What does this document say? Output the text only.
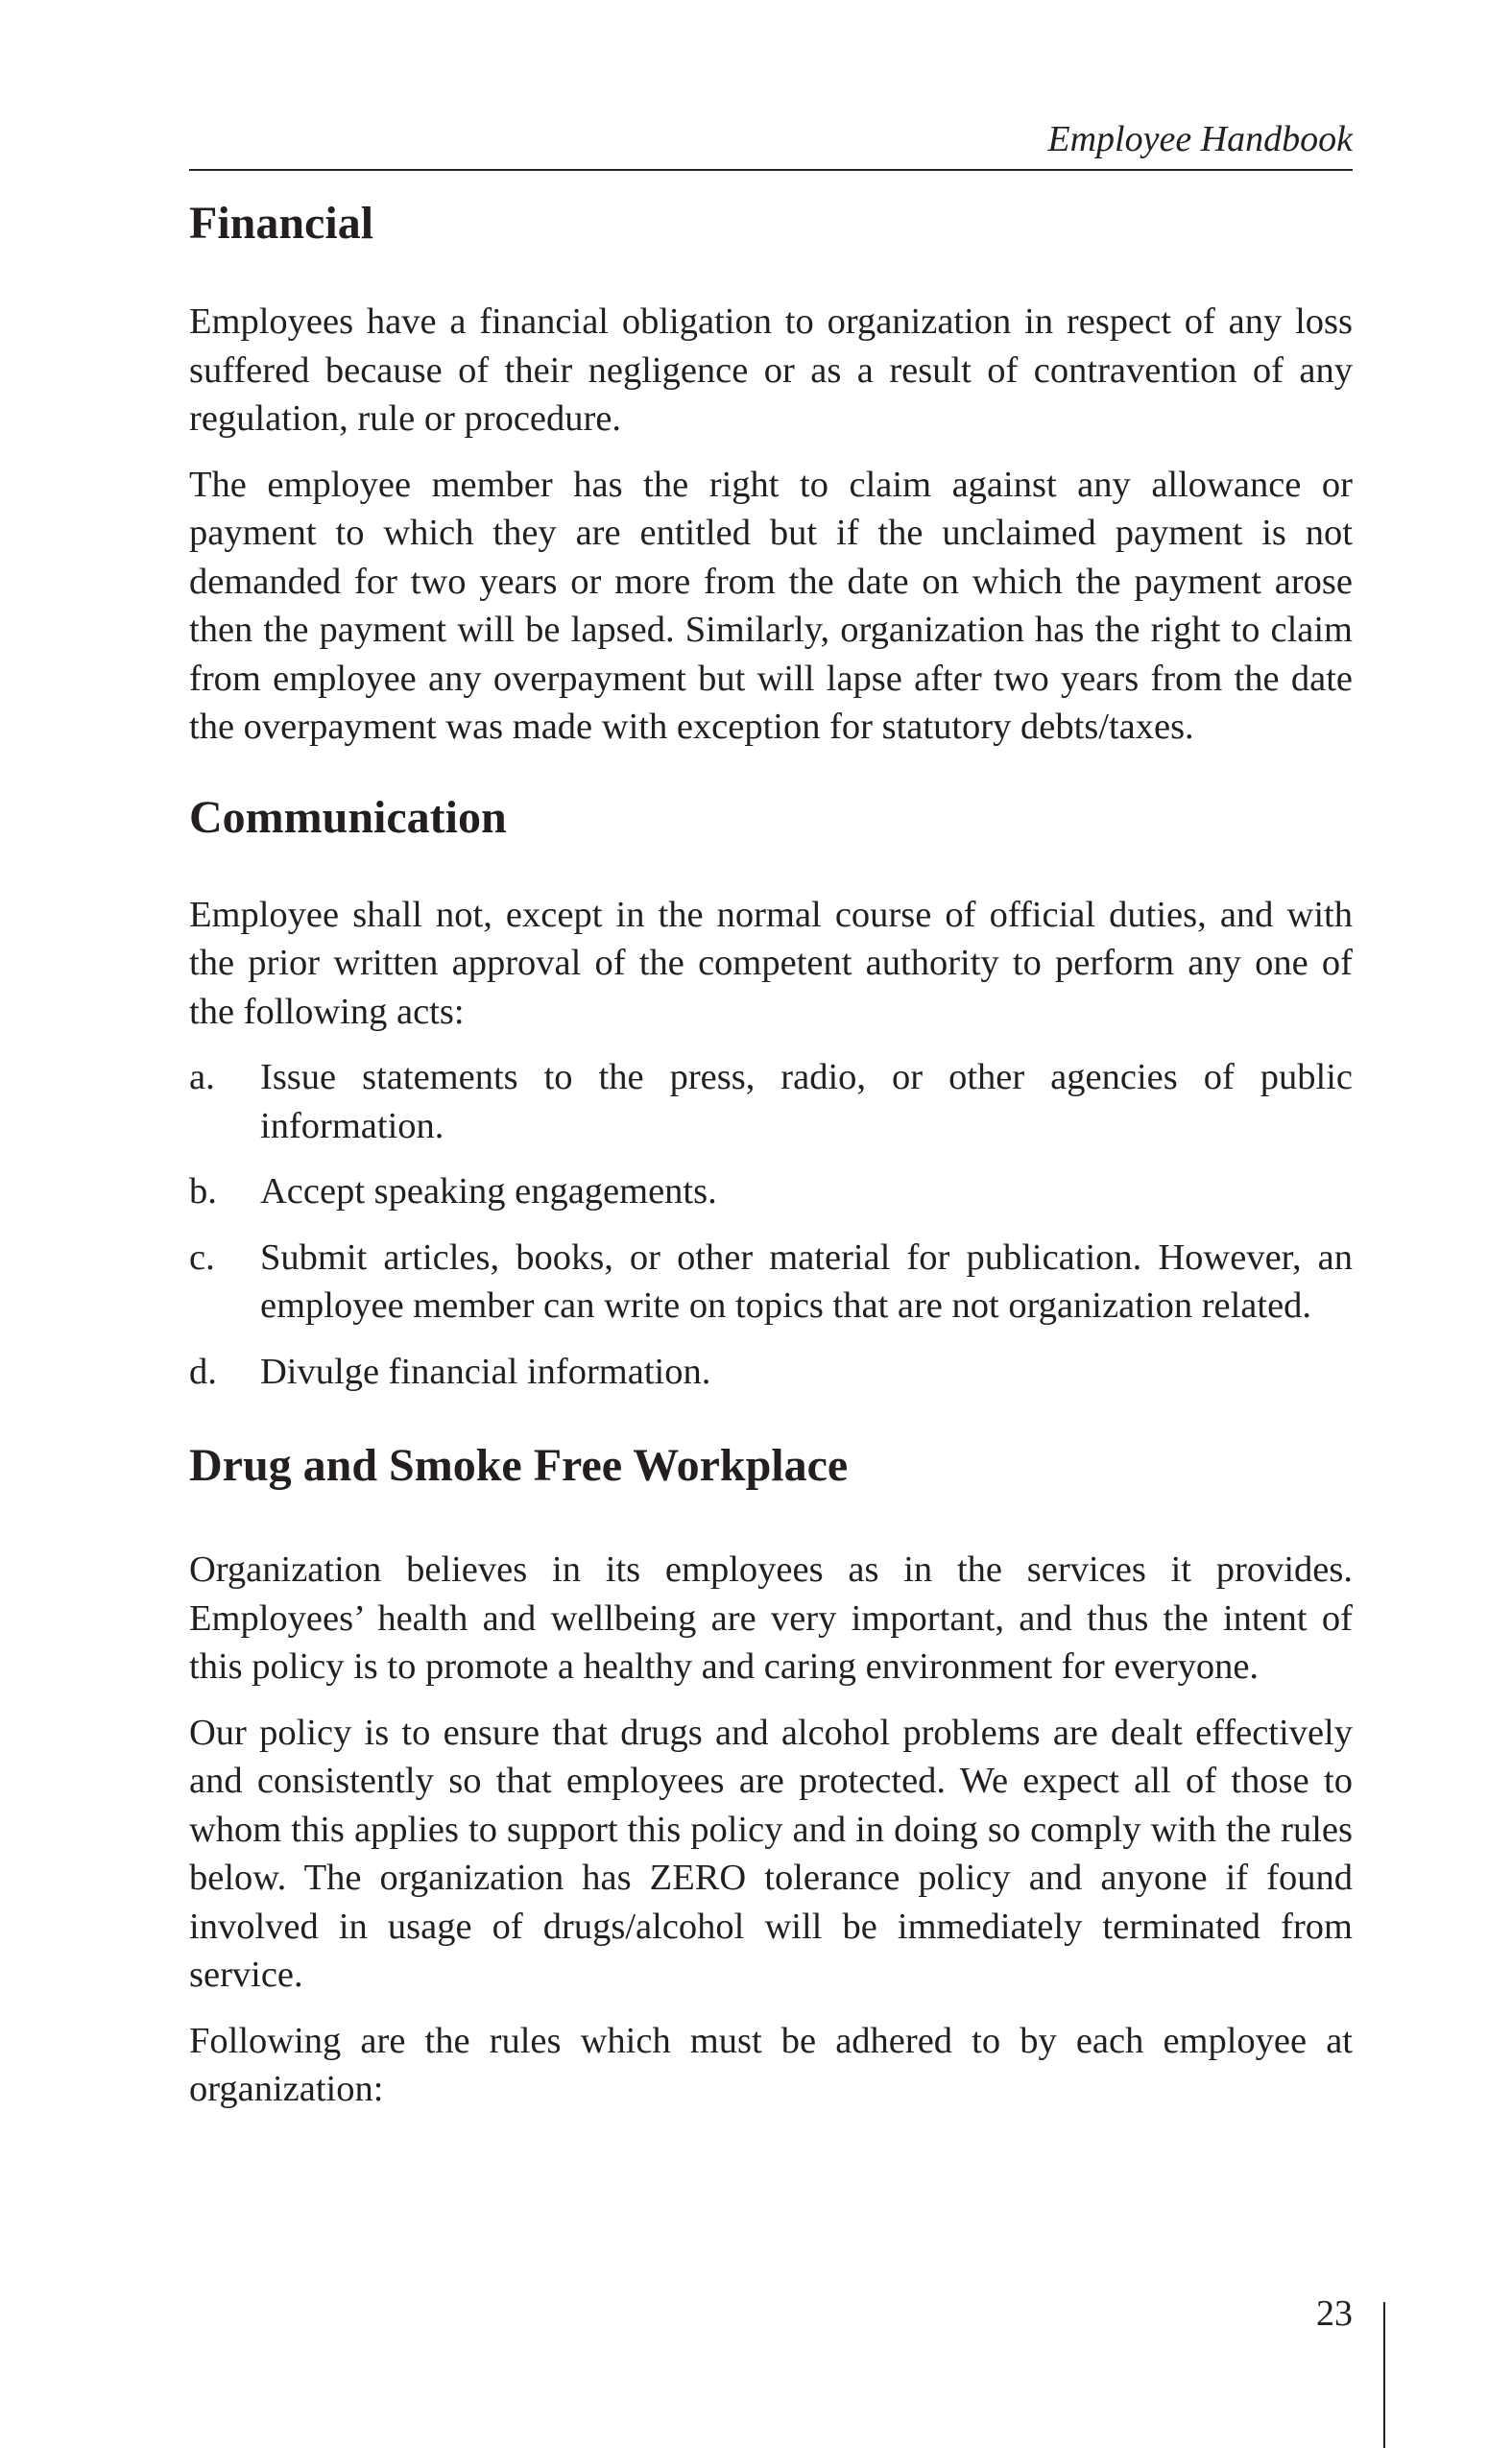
Employee Handbook
Financial

Employees have a financial obligation to organization in respect of any loss suffered because of their negligence or as a result of contravention of any regulation, rule or procedure.

The employee member has the right to claim against any allowance or payment to which they are entitled but if the unclaimed payment is not demanded for two years or more from the date on which the payment arose then the payment will be lapsed. Similarly, organization has the right to claim from employee any overpayment but will lapse after two years from the date the overpayment was made with exception for statutory debts/taxes.

Communication

Employee shall not, except in the normal course of official duties, and with the prior written approval of the competent authority to perform any one of the following acts:

a.	Issue statements to the press, radio, or other agencies of public information.
b.	Accept speaking engagements.
c.	Submit articles, books, or other material for publication. However, an employee member can write on topics that are not organization related.
d.	Divulge financial information.
Drug and Smoke Free Workplace

Organization believes in its employees as in the services it provides. Employees’ health and wellbeing are very important, and thus the intent of this policy is to promote a healthy and caring environment for everyone.

Our policy is to ensure that drugs and alcohol problems are dealt effectively and consistently so that employees are protected. We expect all of those to whom this applies to support this policy and in doing so comply with the rules below. The organization has ZERO tolerance policy and anyone if found involved in usage of drugs/alcohol will be immediately terminated from service.

Following are the rules which must be adhered to by each employee at organization:

23
